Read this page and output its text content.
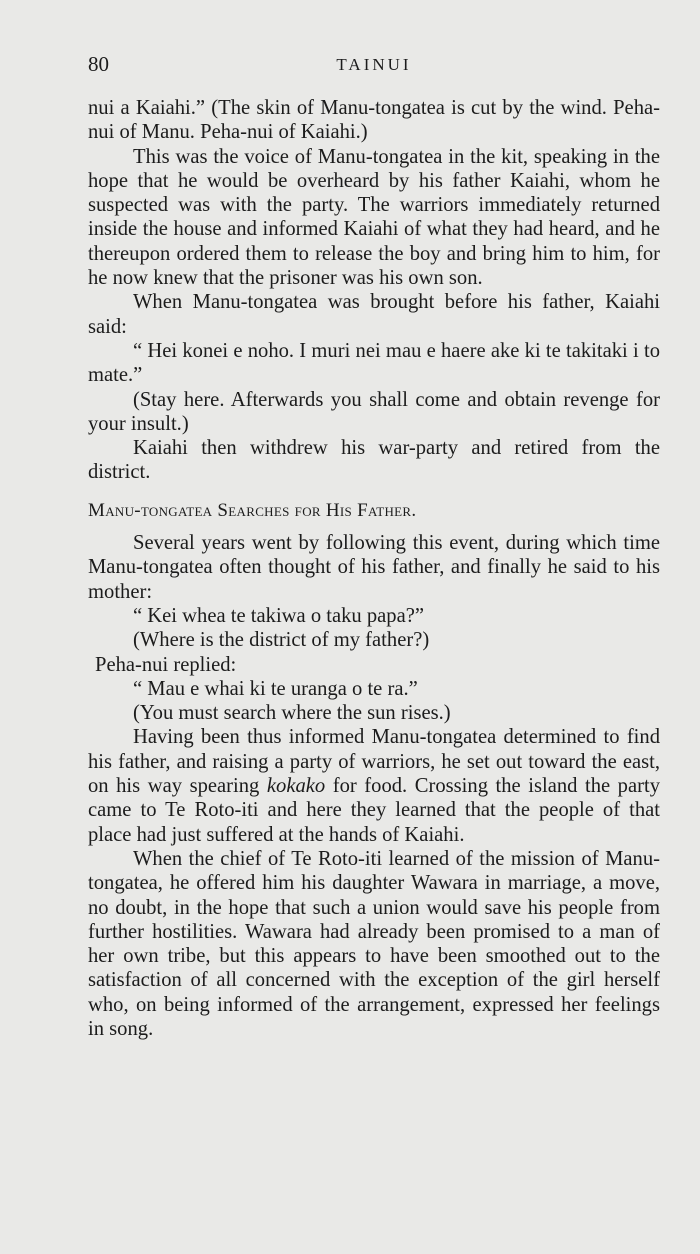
80	TAINUI

nui a Kaiahi.” (The skin of Manu-tongatea is cut by the wind. Peha-nui of Manu. Peha-nui of Kaiahi.)

This was the voice of Manu-tongatea in the kit, speaking in the hope that he would be overheard by his father Kaiahi, whom he suspected was with the party. The warriors immediately returned inside the house and informed Kaiahi of what they had heard, and he thereupon ordered them to release the boy and bring him to him, for he now knew that the prisoner was his own son.

When Manu-tongatea was brought before his father, Kaiahi said:

“ Hei konei e noho. I muri nei mau e haere ake ki te takitaki i to mate.”

(Stay here. Afterwards you shall come and obtain revenge for your insult.)

Kaiahi then withdrew his war-party and retired from the district.

Manu-tongatea Searches for His Father.

Several years went by following this event, during which time Manu-tongatea often thought of his father, and finally he said to his mother:

“ Kei whea te takiwa o taku papa?”

(Where is the district of my father?)

Peha-nui replied:

“ Mau e whai ki te uranga o te ra.”

(You must search where the sun rises.)

Having been thus informed Manu-tongatea determined to find his father, and raising a party of warriors, he set out toward the east, on his way spearing kokako for food. Crossing the island the party came to Te Roto-iti and here they learned that the people of that place had just suffered at the hands of Kaiahi.

When the chief of Te Roto-iti learned of the mission of Manu-tongatea, he offered him his daughter Wawara in marriage, a move, no doubt, in the hope that such a union would save his people from further hostilities. Wawara had already been promised to a man of her own tribe, but this appears to have been smoothed out to the satisfaction of all concerned with the exception of the girl herself who, on being informed of the arrangement, expressed her feelings in song.
